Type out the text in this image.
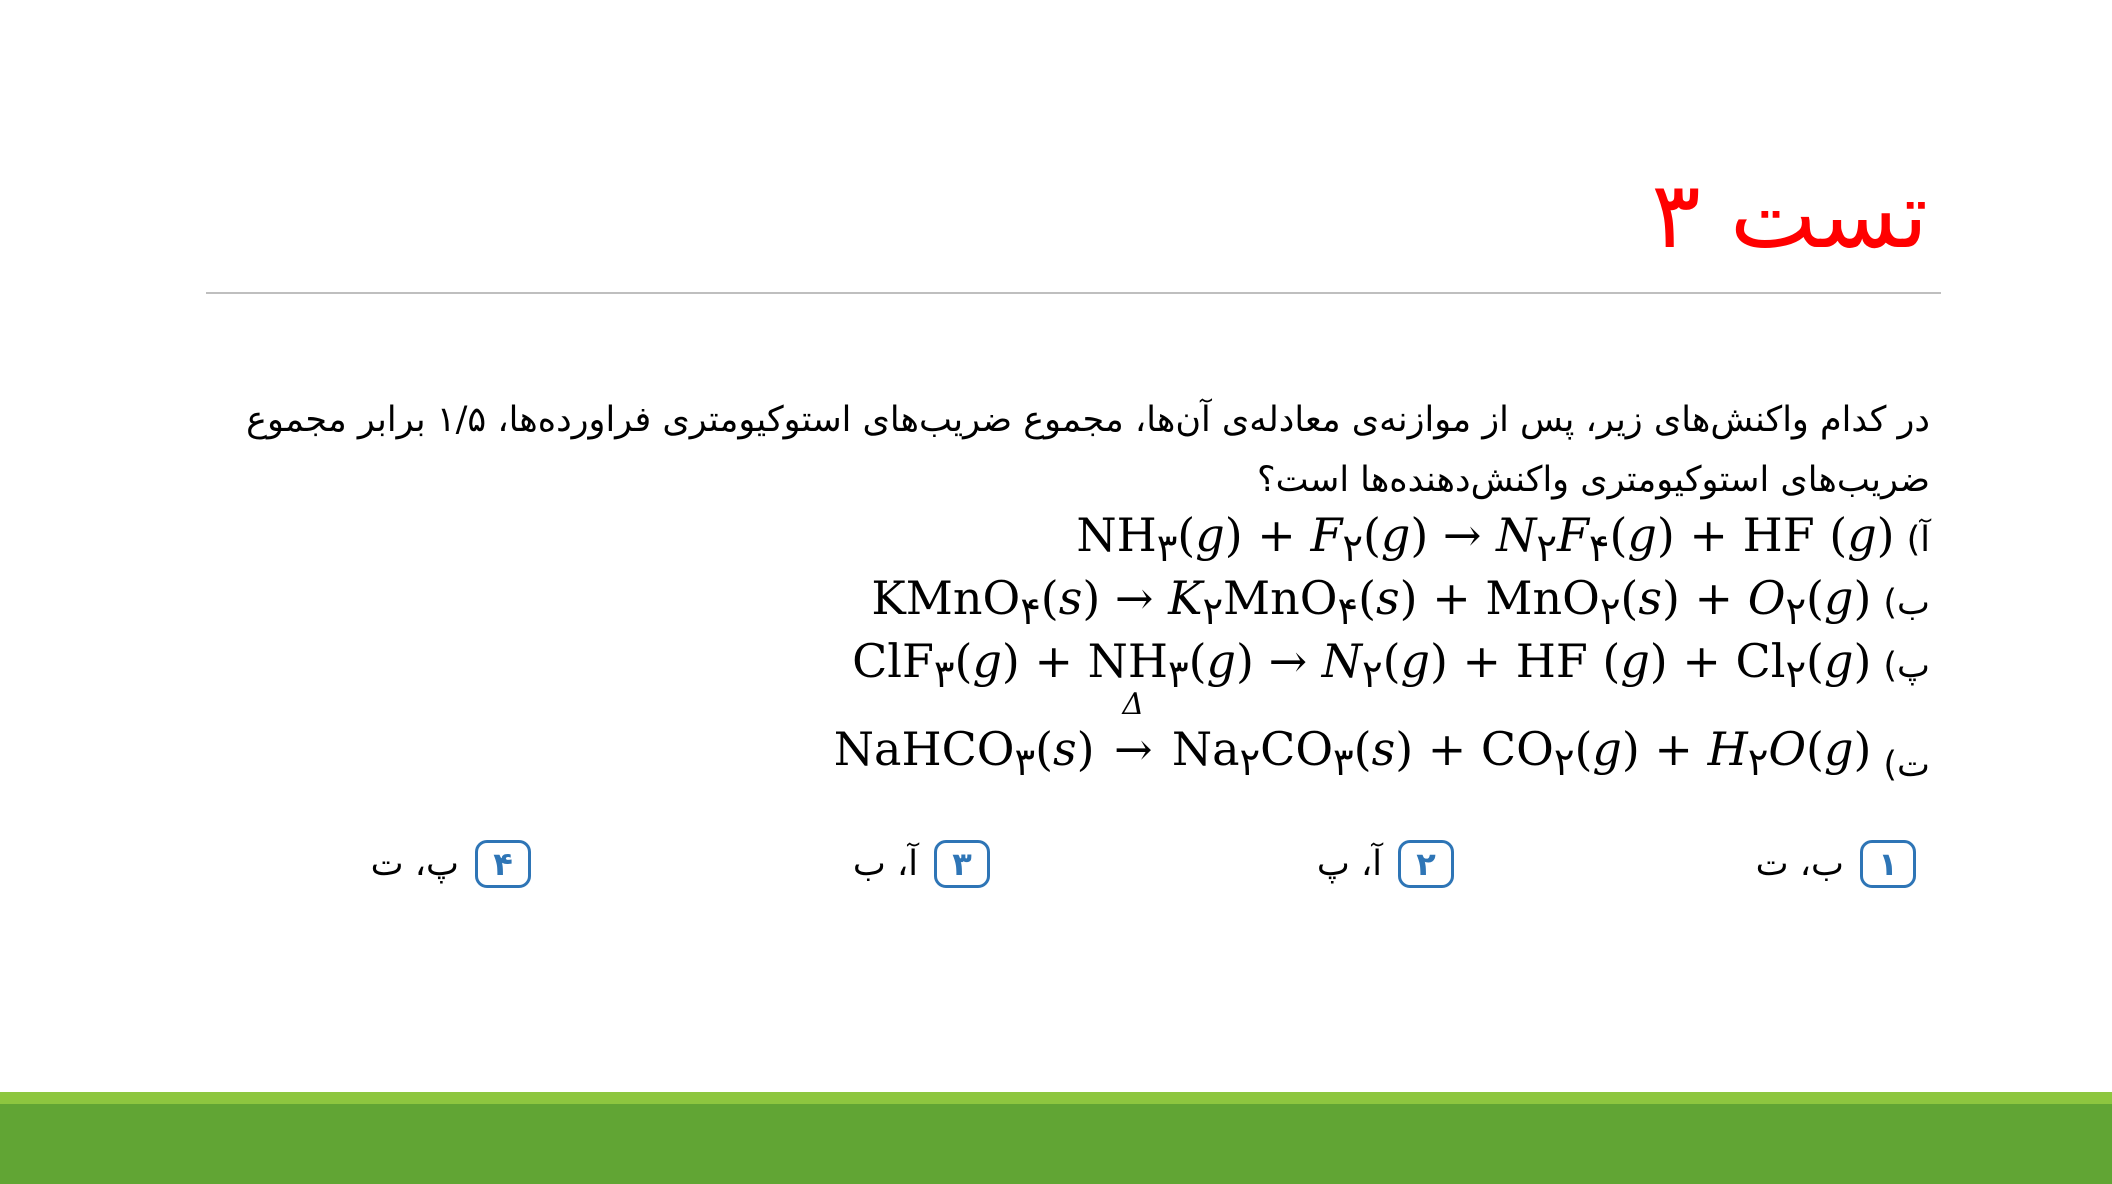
تست ۳
در کدام واکنش‌های زیر، پس از موازنه‌ی معادله‌ی آن‌ها، مجموع ضریب‌های استوکیومتری فراورده‌ها، ۱/۵ برابر مجموع ضریب‌های استوکیومتری واکنش‌دهنده‌ها است؟
آ)
$NH_۳(g) + F_۲(g) \to N_۲F_۴(g)$ + HF (g)
ب)
KMnO$_۴$(s) → $K_۲MnO_۴(s) + MnO_۲(s) + O_۲(g)$
پ)
$ClF_۳(g) + NH_۳(g) \to N_۲(g)$ + HF $(g) + Cl_۲(g)$
ت)
NaHCO$_۳$(s)
Δ
→ $Na_۲CO_۳(s) + CO_۲(g) + H_۲O(g)$
۱
ب، ت
۲
آ، پ
۳
آ، ب
۴
پ، ت
